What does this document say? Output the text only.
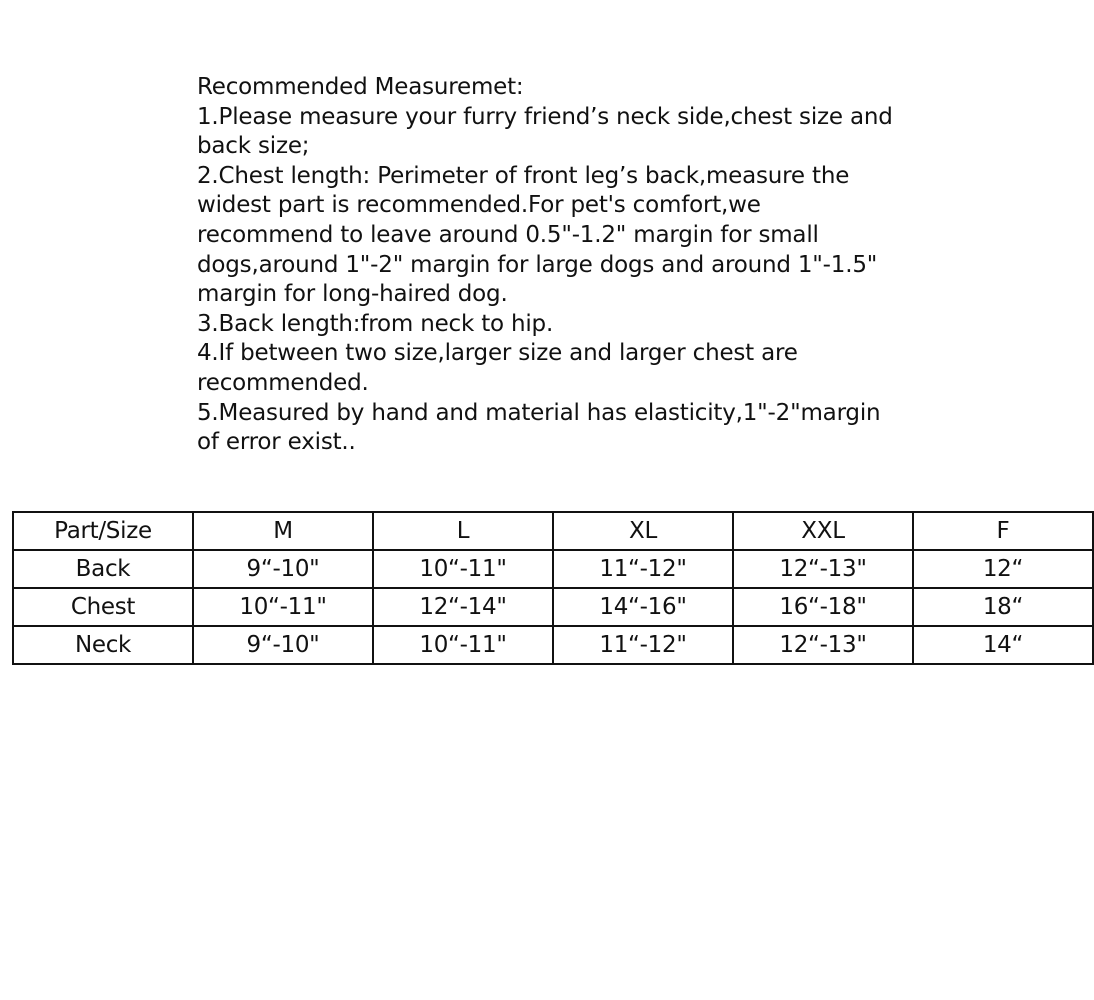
Recommended Measuremet:
1.Please measure your furry friend’s neck side,chest size and
back size;
2.Chest length: Perimeter of front leg’s back,measure the
widest part is recommended.For pet's comfort,we
recommend to leave around 0.5"-1.2" margin for small
dogs,around 1"-2" margin for large dogs and around 1"-1.5"
margin for long-haired dog.
3.Back length:from neck to hip.
4.If between two size,larger size and larger chest are
recommended.
5.Measured by hand and material has elasticity,1"-2"margin
of error exist..
Part/Size	M	L	XL	XXL	F
Back	9“-10"	10“-11"	11“-12"	12“-13"	12“
Chest	10“-11"	12“-14"	14“-16"	16“-18"	18“
Neck	9“-10"	10“-11"	11“-12"	12“-13"	14“
